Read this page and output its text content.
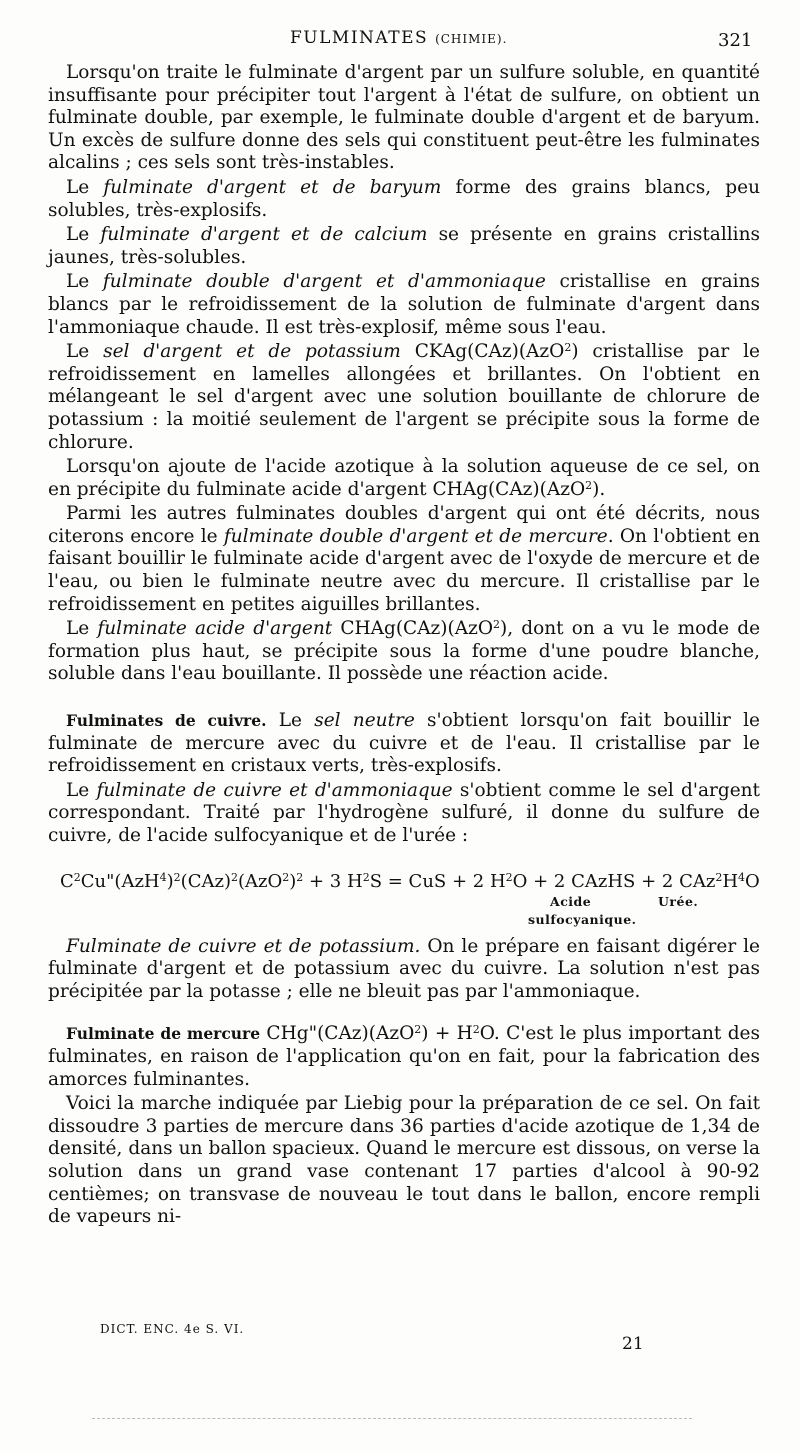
FULMINATES (CHIMIE).	321

Lorsqu'on traite le fulminate d'argent par un sulfure soluble, en quantité insuffisante pour précipiter tout l'argent à l'état de sulfure, on obtient un fulminate double, par exemple, le fulminate double d'argent et de baryum. Un excès de sulfure donne des sels qui constituent peut-être les fulminates alcalins ; ces sels sont très-instables.

Le fulminate d'argent et de baryum forme des grains blancs, peu solubles, très-explosifs.

Le fulminate d'argent et de calcium se présente en grains cristallins jaunes, très-solubles.

Le fulminate double d'argent et d'ammoniaque cristallise en grains blancs par le refroidissement de la solution de fulminate d'argent dans l'ammoniaque chaude. Il est très-explosif, même sous l'eau.

Le sel d'argent et de potassium CKAg(CAz)(AzO$^2$) cristallise par le refroidissement en lamelles allongées et brillantes. On l'obtient en mélangeant le sel d'argent avec une solution bouillante de chlorure de potassium : la moitié seulement de l'argent se précipite sous la forme de chlorure.

Lorsqu'on ajoute de l'acide azotique à la solution aqueuse de ce sel, on en précipite du fulminate acide d'argent CHAg(CAz)(AzO$^2$).

Parmi les autres fulminates doubles d'argent qui ont été décrits, nous citerons encore le fulminate double d'argent et de mercure. On l'obtient en faisant bouillir le fulminate acide d'argent avec de l'oxyde de mercure et de l'eau, ou bien le fulminate neutre avec du mercure. Il cristallise par le refroidissement en petites aiguilles brillantes.

Le fulminate acide d'argent CHAg(CAz)(AzO$^2$), dont on a vu le mode de formation plus haut, se précipite sous la forme d'une poudre blanche, soluble dans l'eau bouillante. Il possède une réaction acide.

Fulminates de cuivre. Le sel neutre s'obtient lorsqu'on fait bouillir le fulminate de mercure avec du cuivre et de l'eau. Il cristallise par le refroidissement en cristaux verts, très-explosifs.

Le fulminate de cuivre et d'ammoniaque s'obtient comme le sel d'argent correspondant. Traité par l'hydrogène sulfuré, il donne du sulfure de cuivre, de l'acide sulfocyanique et de l'urée :

$C^2Cu"(AzH^4)^2(CAz)^2(AzO^2)^2 + 3$ $H^2S$ = CuS + 2 $H^2O + 2$ CAzHS + 2 $CAz^2H^4O$
Acide
sulfocyanique.
Urée.

Fulminate de cuivre et de potassium. On le prépare en faisant digérer le fulminate d'argent et de potassium avec du cuivre. La solution n'est pas précipitée par la potasse ; elle ne bleuit pas par l'ammoniaque.

Fulminate de mercure CHg"(CAz)(AzO$^2$) + $H^2O$. C'est le plus important des fulminates, en raison de l'application qu'on en fait, pour la fabrication des amorces fulminantes.

Voici la marche indiquée par Liebig pour la préparation de ce sel. On fait dissoudre 3 parties de mercure dans 36 parties d'acide azotique de 1,34 de densité, dans un ballon spacieux. Quand le mercure est dissous, on verse la solution dans un grand vase contenant 17 parties d'alcool à 90-92 centièmes; on transvase de nouveau le tout dans le ballon, encore rempli de vapeurs ni-

DICT. ENC. 4e S. VI.
21
